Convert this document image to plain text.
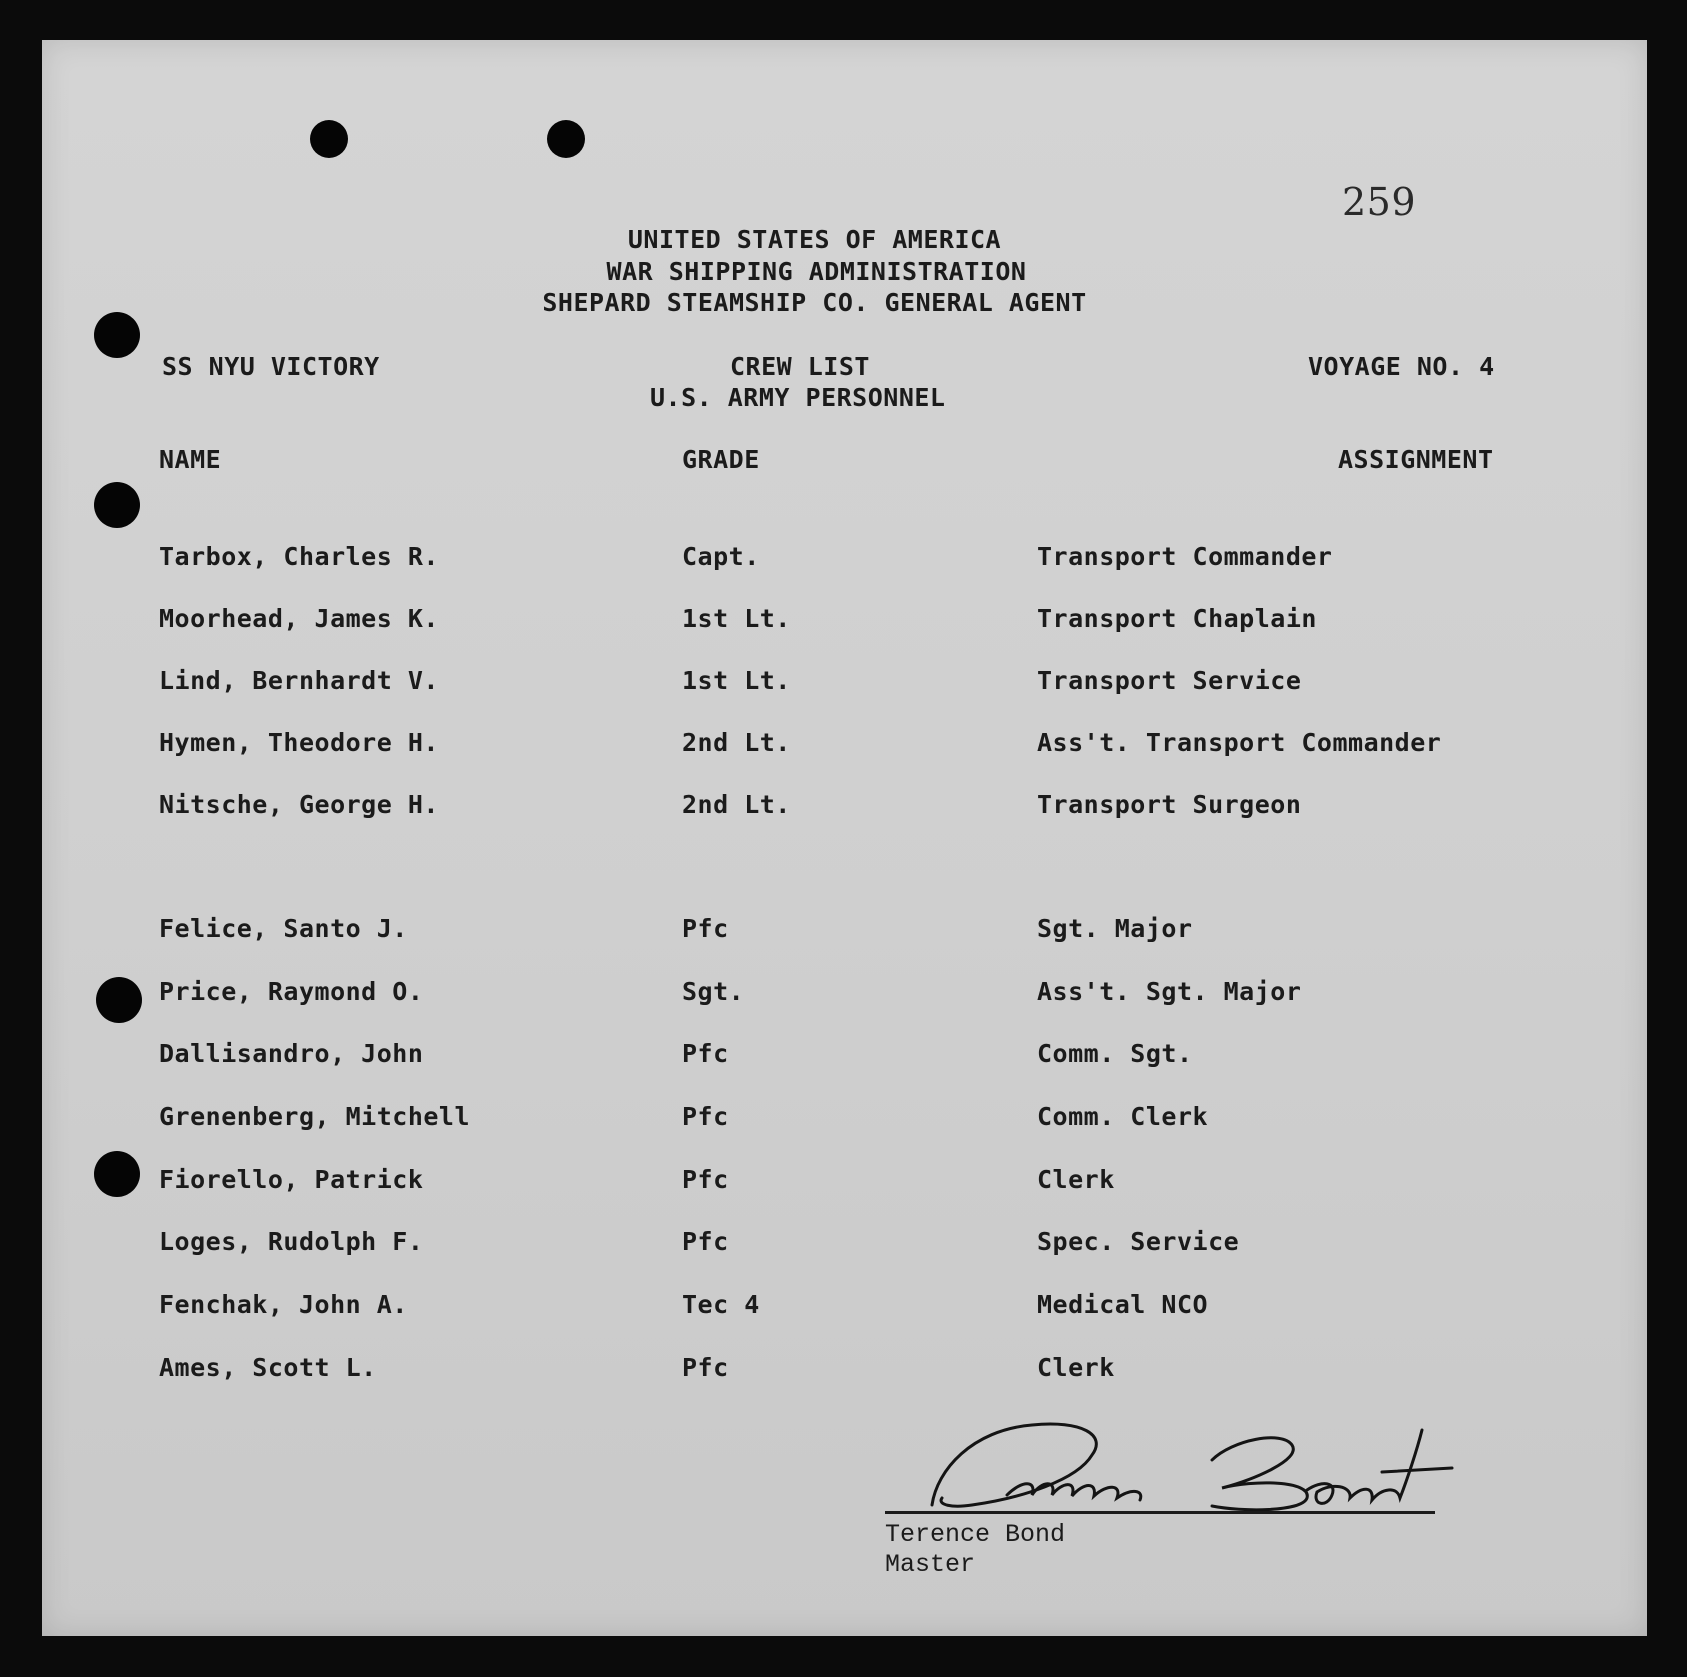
259
UNITED STATES OF AMERICA
WAR SHIPPING ADMINISTRATION
SHEPARD STEAMSHIP CO. GENERAL AGENT
SS NYU VICTORY	CREW LIST
U.S. ARMY PERSONNEL
VOYAGE NO. 4
NAME	GRADE	ASSIGNMENT
Tarbox, Charles R.	Capt.	Transport Commander
Moorhead, James K.	1st Lt.	Transport Chaplain
Lind, Bernhardt V.	1st Lt.	Transport Service
Hymen, Theodore H.	2nd Lt.	Ass't. Transport Commander
Nitsche, George H.	2nd Lt.	Transport Surgeon
Felice, Santo J.	Pfc	Sgt. Major
Price, Raymond O.	Sgt.	Ass't. Sgt. Major
Dallisandro, John	Pfc	Comm. Sgt.
Grenenberg, Mitchell	Pfc	Comm. Clerk
Fiorello, Patrick	Pfc	Clerk
Loges, Rudolph F.	Pfc	Spec. Service
Fenchak, John A.	Tec 4	Medical NCO
Ames, Scott L.	Pfc	Clerk
Terence Bond
Master
